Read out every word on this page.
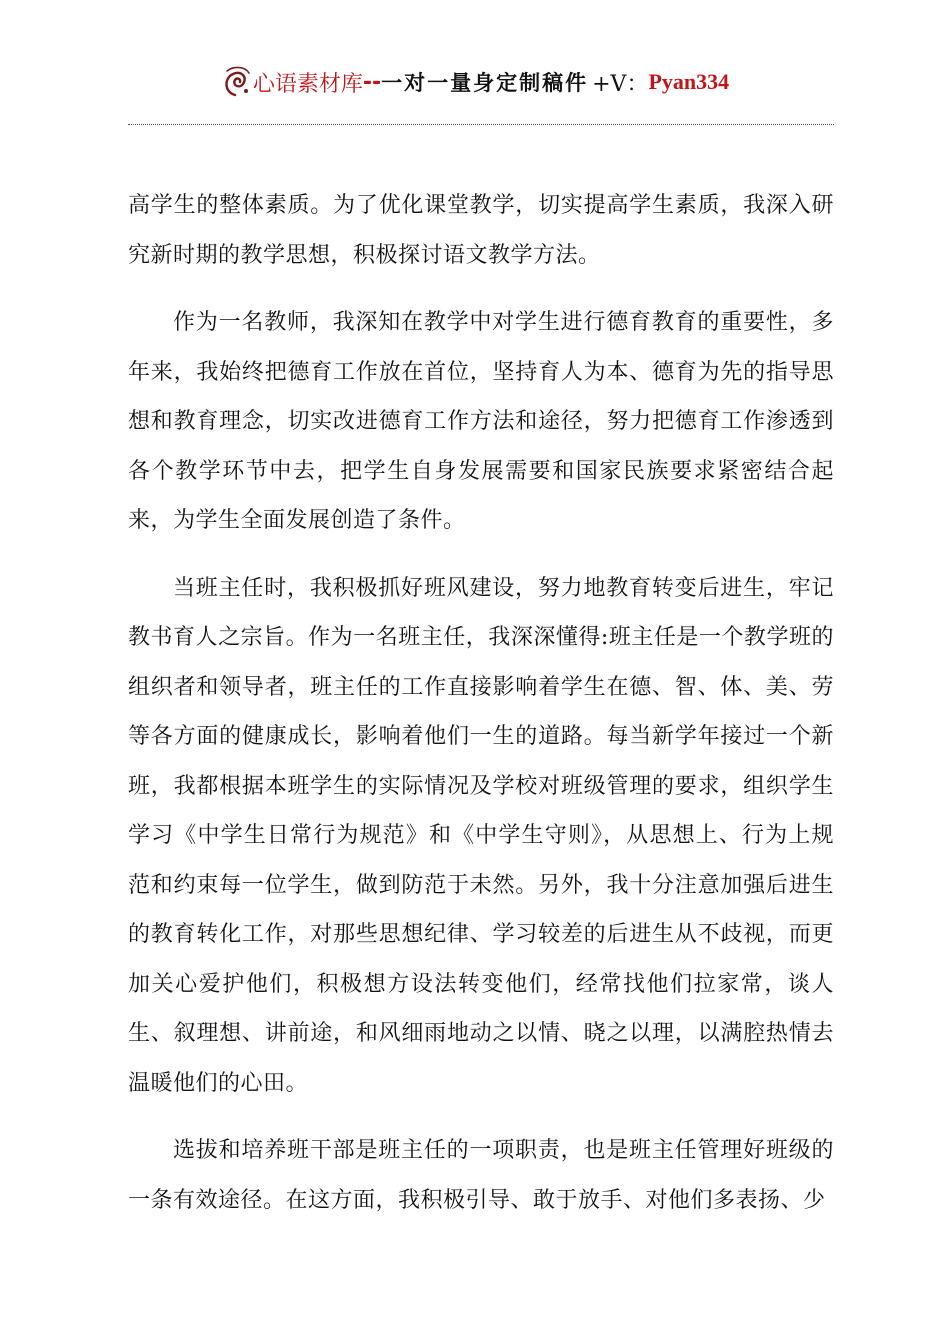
心语素材库 -- 一对一量身定制稿件 +V： Pyan334

高学生的整体素质。为了优化课堂教学，切实提高学生素质，我深入研究新时期的教学思想，积极探讨语文教学方法。

作为一名教师，我深知在教学中对学生进行德育教育的重要性，多年来，我始终把德育工作放在首位，坚持育人为本、德育为先的指导思想和教育理念，切实改进德育工作方法和途径，努力把德育工作渗透到各个教学环节中去，把学生自身发展需要和国家民族要求紧密结合起来，为学生全面发展创造了条件。

当班主任时，我积极抓好班风建设，努力地教育转变后进生，牢记教书育人之宗旨。作为一名班主任，我深深懂得:班主任是一个教学班的组织者和领导者，班主任的工作直接影响着学生在德、智、体、美、劳等各方面的健康成长，影响着他们一生的道路。每当新学年接过一个新班，我都根据本班学生的实际情况及学校对班级管理的要求，组织学生学习《中学生日常行为规范》和《中学生守则》，从思想上、行为上规范和约束每一位学生，做到防范于未然。另外，我十分注意加强后进生的教育转化工作，对那些思想纪律、学习较差的后进生从不歧视，而更加关心爱护他们，积极想方设法转变他们，经常找他们拉家常，谈人生、叙理想、讲前途，和风细雨地动之以情、晓之以理，以满腔热情去温暖他们的心田。

选拔和培养班干部是班主任的一项职责，也是班主任管理好班级的一条有效途径。在这方面，我积极引导、敢于放手、对他们多表扬、少
